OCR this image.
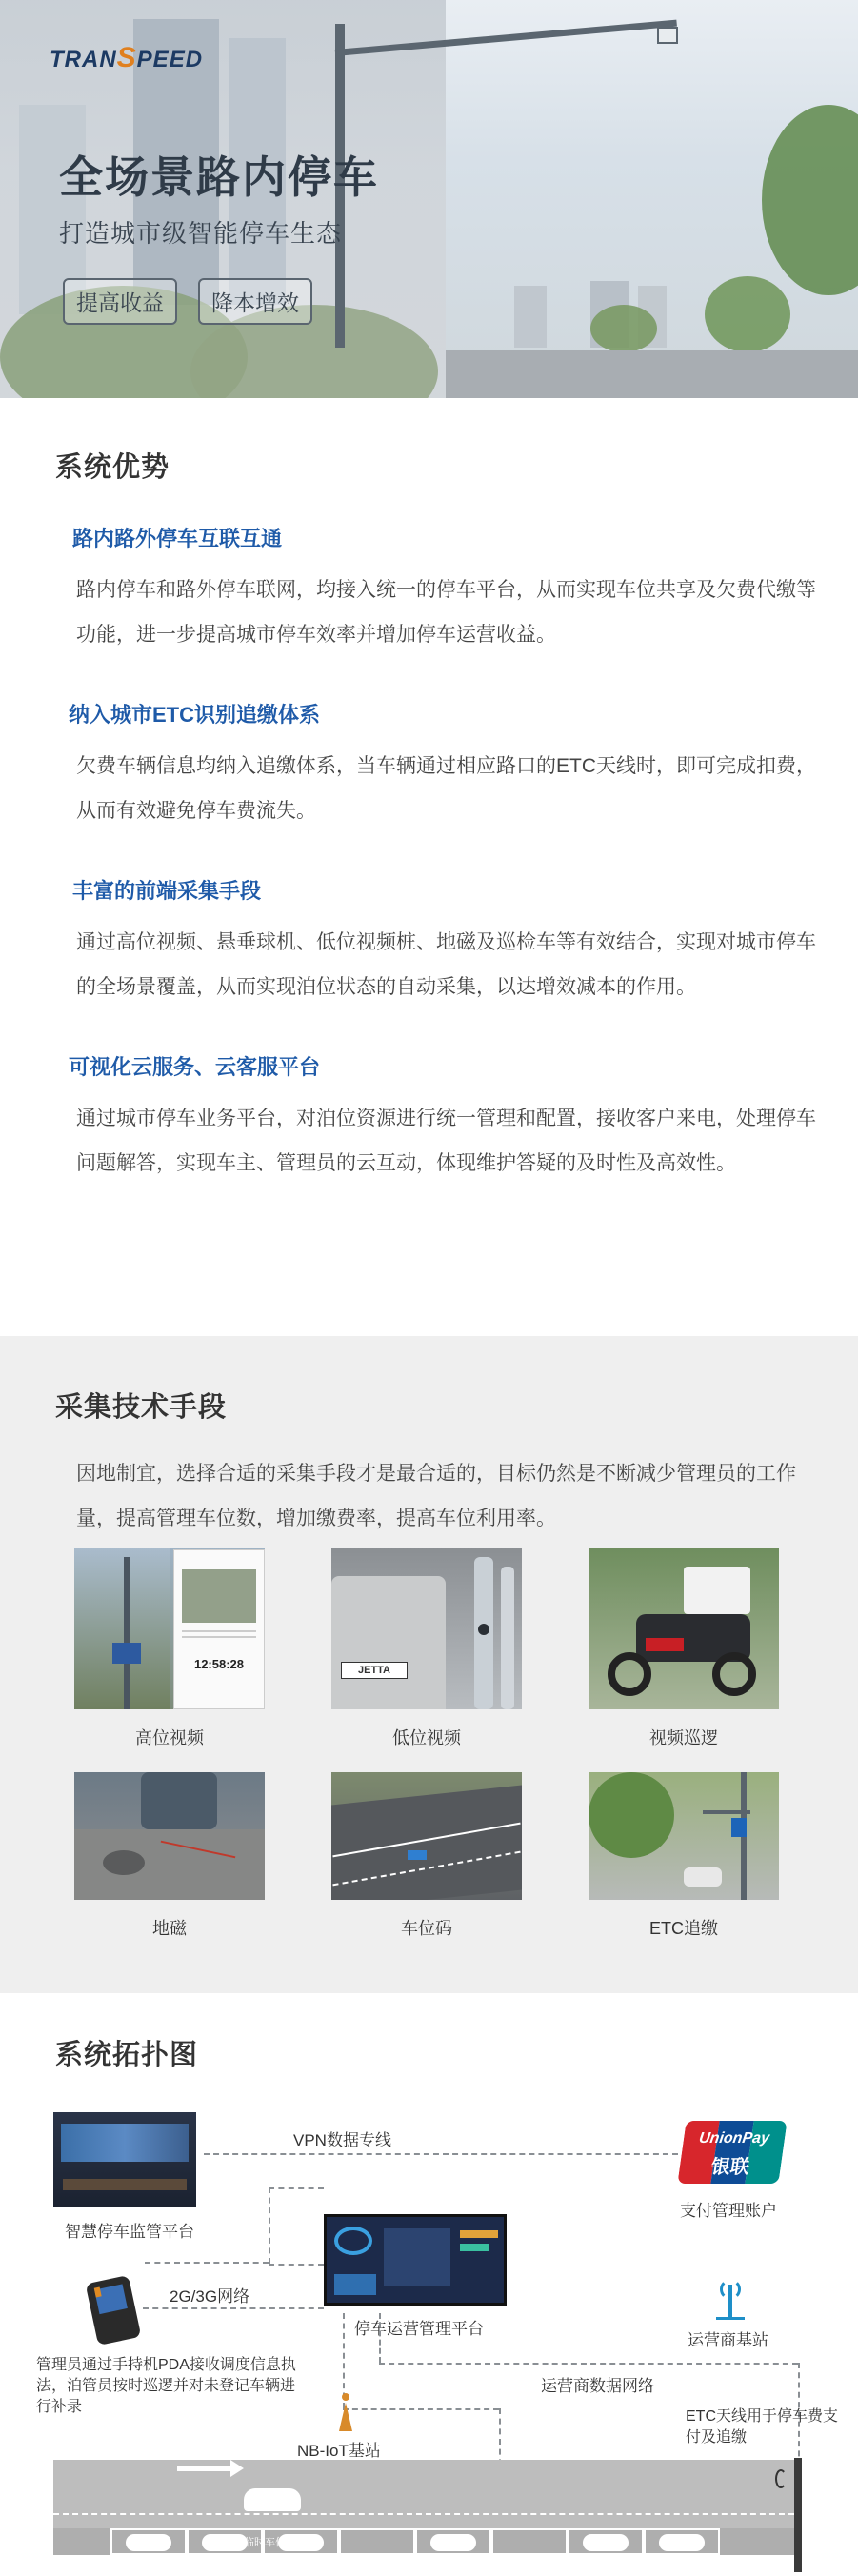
TRANSPEED
全场景路内停车
打造城市级智能停车生态
提高收益	降本增效
系统优势
路内路外停车互联互通

路内停车和路外停车联网，均接入统一的停车平台，从而实现车位共享及欠费代缴等功能，进一步提高城市停车效率并增加停车运营收益。

纳入城市ETC识别追缴体系

欠费车辆信息均纳入追缴体系，当车辆通过相应路口的ETC天线时，即可完成扣费，从而有效避免停车费流失。

丰富的前端采集手段

通过高位视频、悬垂球机、低位视频桩、地磁及巡检车等有效结合，实现对城市停车的全场景覆盖，从而实现泊位状态的自动采集，以达增效减本的作用。

可视化云服务、云客服平台

通过城市停车业务平台，对泊位资源进行统一管理和配置，接收客户来电，处理停车问题解答，实现车主、管理员的云互动，体现维护答疑的及时性及高效性。

采集技术手段
因地制宜，选择合适的采集手段才是最合适的，目标仍然是不断减少管理员的工作量，提高管理车位数，增加缴费率，提高车位利用率。
12:58:28
高位视频
JETTA
低位视频	视频巡逻
地磁	车位码	ETC追缴
系统拓扑图
智慧停车监管平台
VPN数据专线	UnionPay
银联
支付管理账户
停车运营管理平台
2G/3G网络
管理员通过手持机PDA接收调度信息执法，泊管员按时巡逻并对未登记车辆进行补录
运营商基站
运营商数据网络
ETC天线用于停车费支付及追缴
NB-IoT基站
临时车位
